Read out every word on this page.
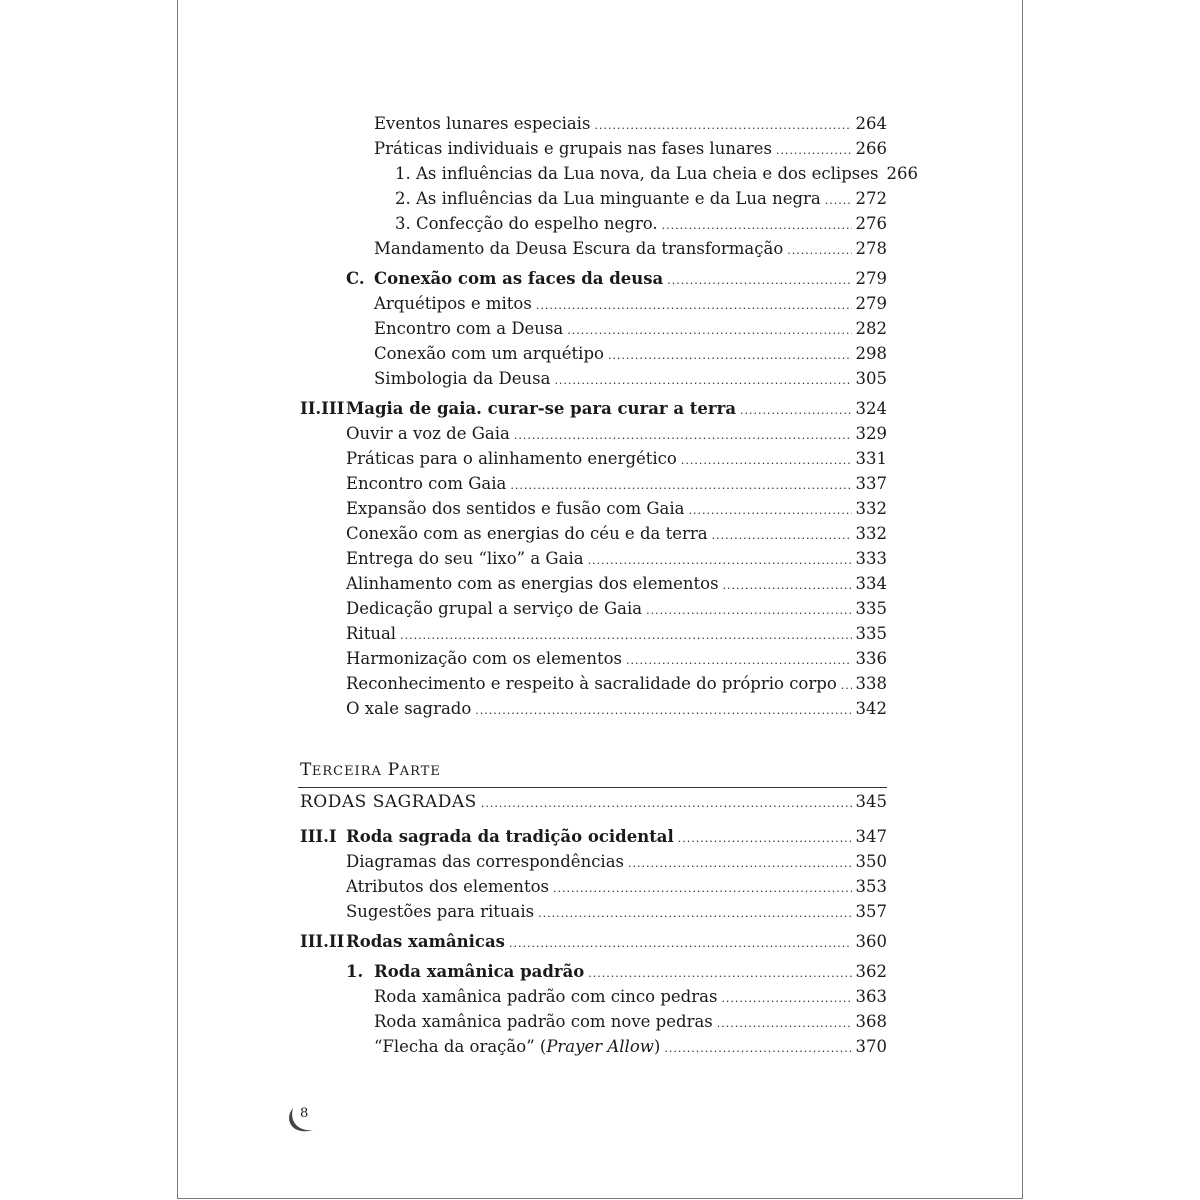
Eventos lunares especiais .....	264
Práticas individuais e grupais nas fases lunares .....	266
1. As influências da Lua nova, da Lua cheia e dos eclipses 266
2. As influências da Lua minguante e da Lua negra ..... 272
3. Confecção do espelho negro. .....	276
Mandamento da Deusa Escura da transformação .....	278
C. Conexão com as faces da deusa .....	279
Arquétipos e mitos .....	279
Encontro com a Deusa .....	282
Conexão com um arquétipo .....	298
Simbologia da Deusa .....	305
II.III Magia de gaia. curar-se para curar a terra .....	324
Ouvir a voz de Gaia .....	329
Práticas para o alinhamento energético .....	331
Encontro com Gaia .....	337
Expansão dos sentidos e fusão com Gaia .....	332
Conexão com as energias do céu e da terra .....	332
Entrega do seu “lixo” a Gaia .....	333
Alinhamento com as energias dos elementos .....	334
Dedicação grupal a serviço de Gaia .....	335
Ritual .....	335
Harmonização com os elementos .....	336
Reconhecimento e respeito à sacralidade do próprio corpo ..... 338
O xale sagrado .....	342
RODAS SAGRADAS .....	345
III.I Roda sagrada da tradição ocidental .....	347
Diagramas das correspondências .....	350
Atributos dos elementos .....	353
Sugestões para rituais .....	357
III.II Rodas xamânicas .....	360
1. Roda xamânica padrão .....	362
Roda xamânica padrão com cinco pedras .....	363
Roda xamânica padrão com nove pedras .....	368
“Flecha da oração” (Prayer Allow) .....	370
TERCEIRA PARTE
8
